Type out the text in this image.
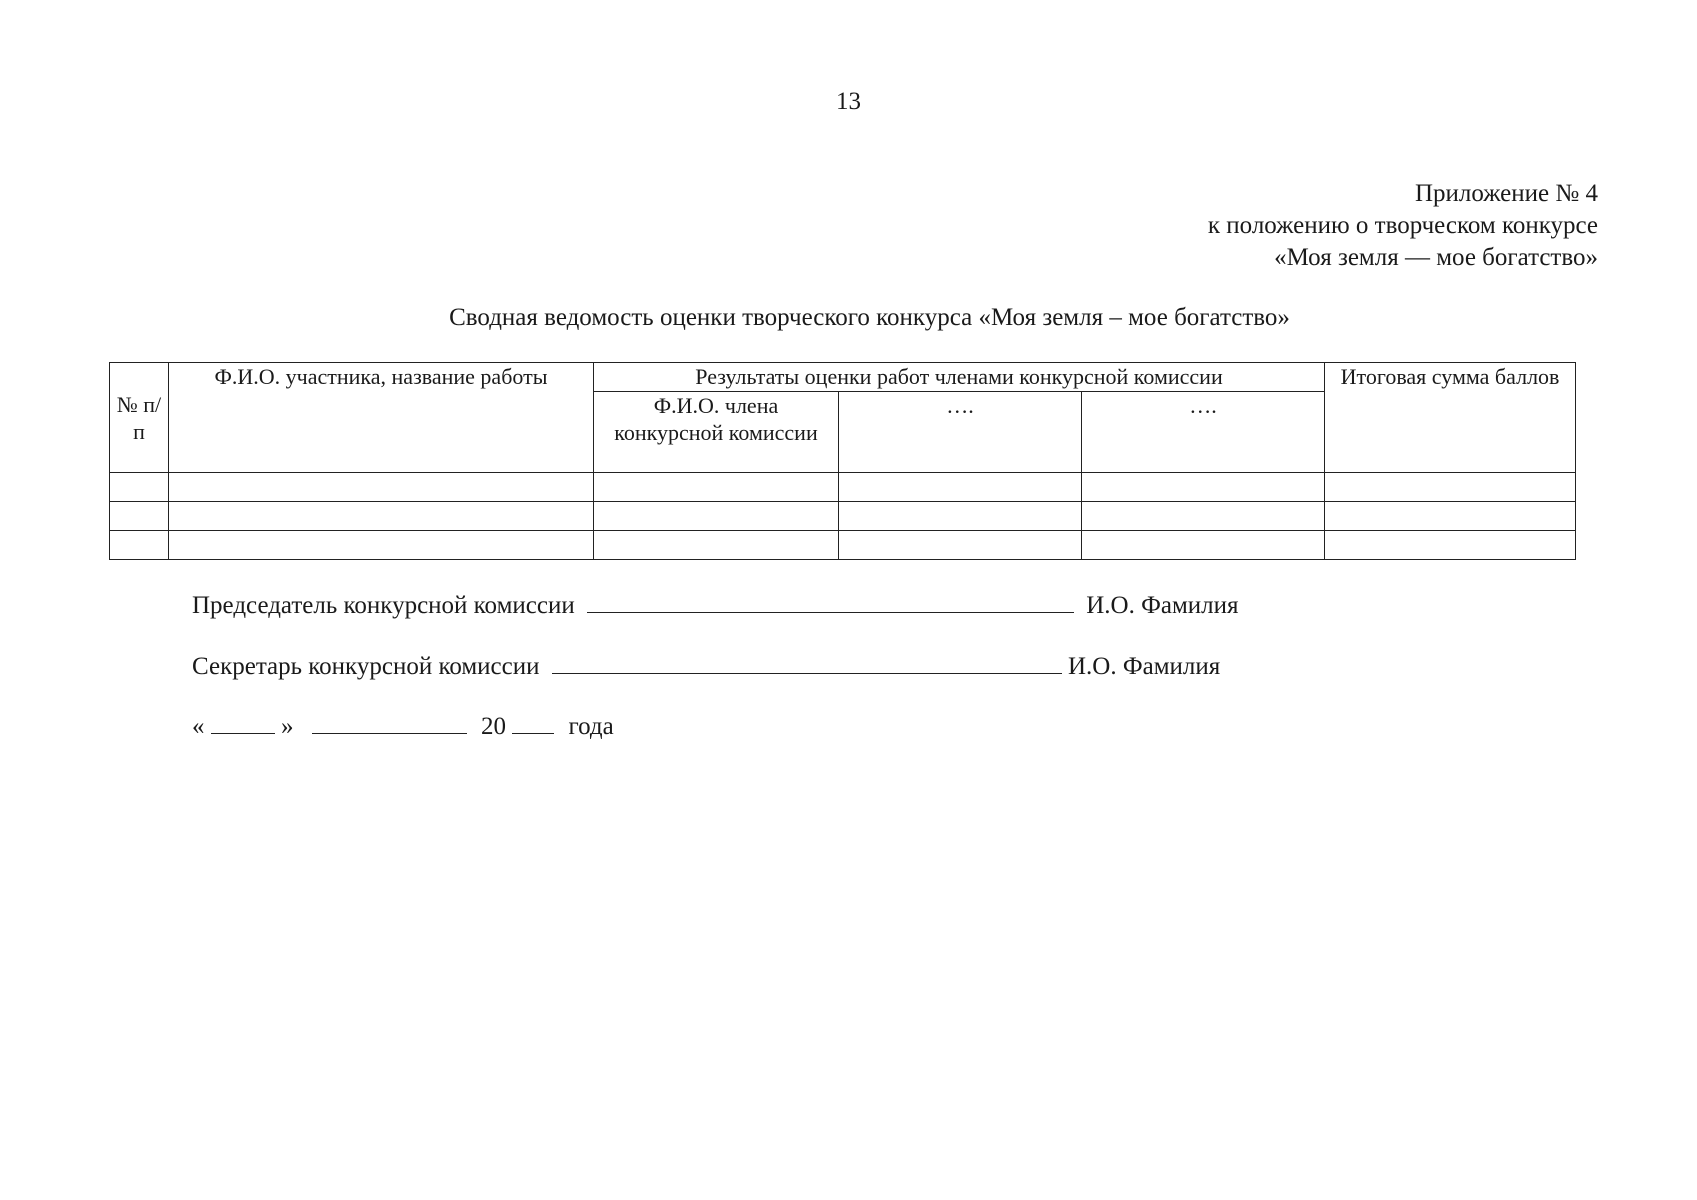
13
Приложение № 4
к положению о творческом конкурсе
«Моя земля — мое богатство»
Сводная ведомость оценки творческого конкурса «Моя земля – мое богатство»
№ п/п	Ф.И.О. участника, название работы	Результаты оценки работ членами конкурсной комиссии			Итоговая сумма баллов
		Ф.И.О. члена конкурсной комиссии	….	….	

Председатель конкурсной комиссии	И.О. Фамилия
Секретарь конкурсной комиссии	И.О. Фамилия
«	»	20	года
